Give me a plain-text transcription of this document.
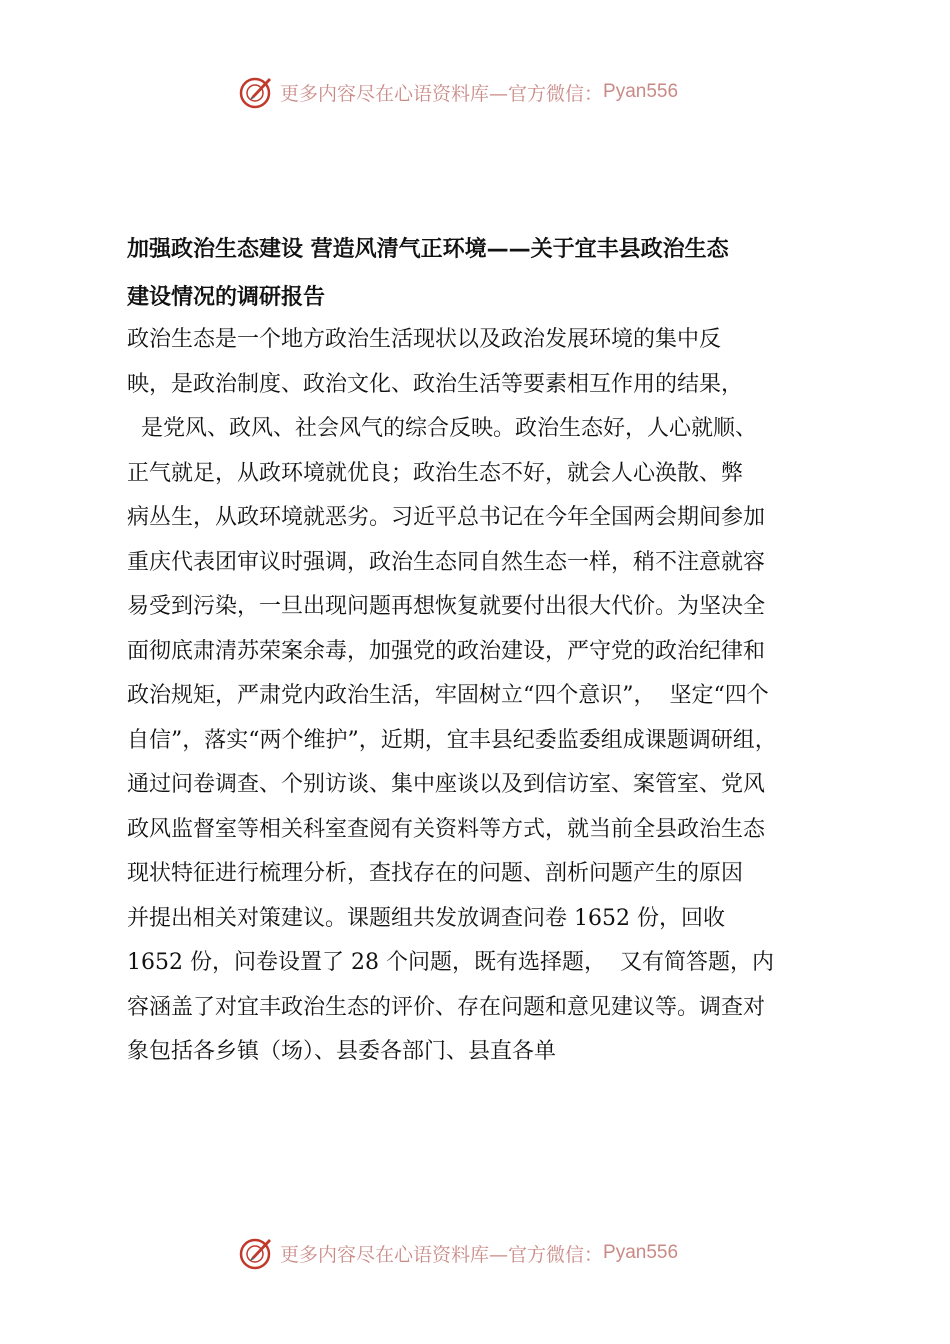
更多内容尽在心语资料库—官方微信： Pyan556
加强政治生态建设 营造风清气正环境——关于宜丰县政治生态
建设情况的调研报告
政治生态是一个地方政治生活现状以及政治发展环境的集中反
映，是政治制度、政治文化、政治生活等要素相互作用的结果，
是党风、政风、社会风气的综合反映。政治生态好，人心就顺、
正气就足，从政环境就优良；政治生态不好，就会人心涣散、弊
病丛生，从政环境就恶劣。习近平总书记在今年全国两会期间参加
重庆代表团审议时强调，政治生态同自然生态一样，稍不注意就容
易受到污染，一旦出现问题再想恢复就要付出很大代价。为坚决全
面彻底肃清苏荣案余毒，加强党的政治建设，严守党的政治纪律和
政治规矩，严肃党内政治生活，牢固树立“四个意识”，  坚定“四个
自信”，落实“两个维护”，近期，宜丰县纪委监委组成课题调研组，
通过问卷调查、个别访谈、集中座谈以及到信访室、案管室、党风
政风监督室等相关科室查阅有关资料等方式，就当前全县政治生态
现状特征进行梳理分析，查找存在的问题、剖析问题产生的原因
并提出相关对策建议。课题组共发放调查问卷 1652 份，回收
1652 份，问卷设置了 28 个问题，既有选择题，  又有简答题，内
容涵盖了对宜丰政治生态的评价、存在问题和意见建议等。调查对
象包括各乡镇（场）、县委各部门、县直各单
更多内容尽在心语资料库—官方微信： Pyan556
